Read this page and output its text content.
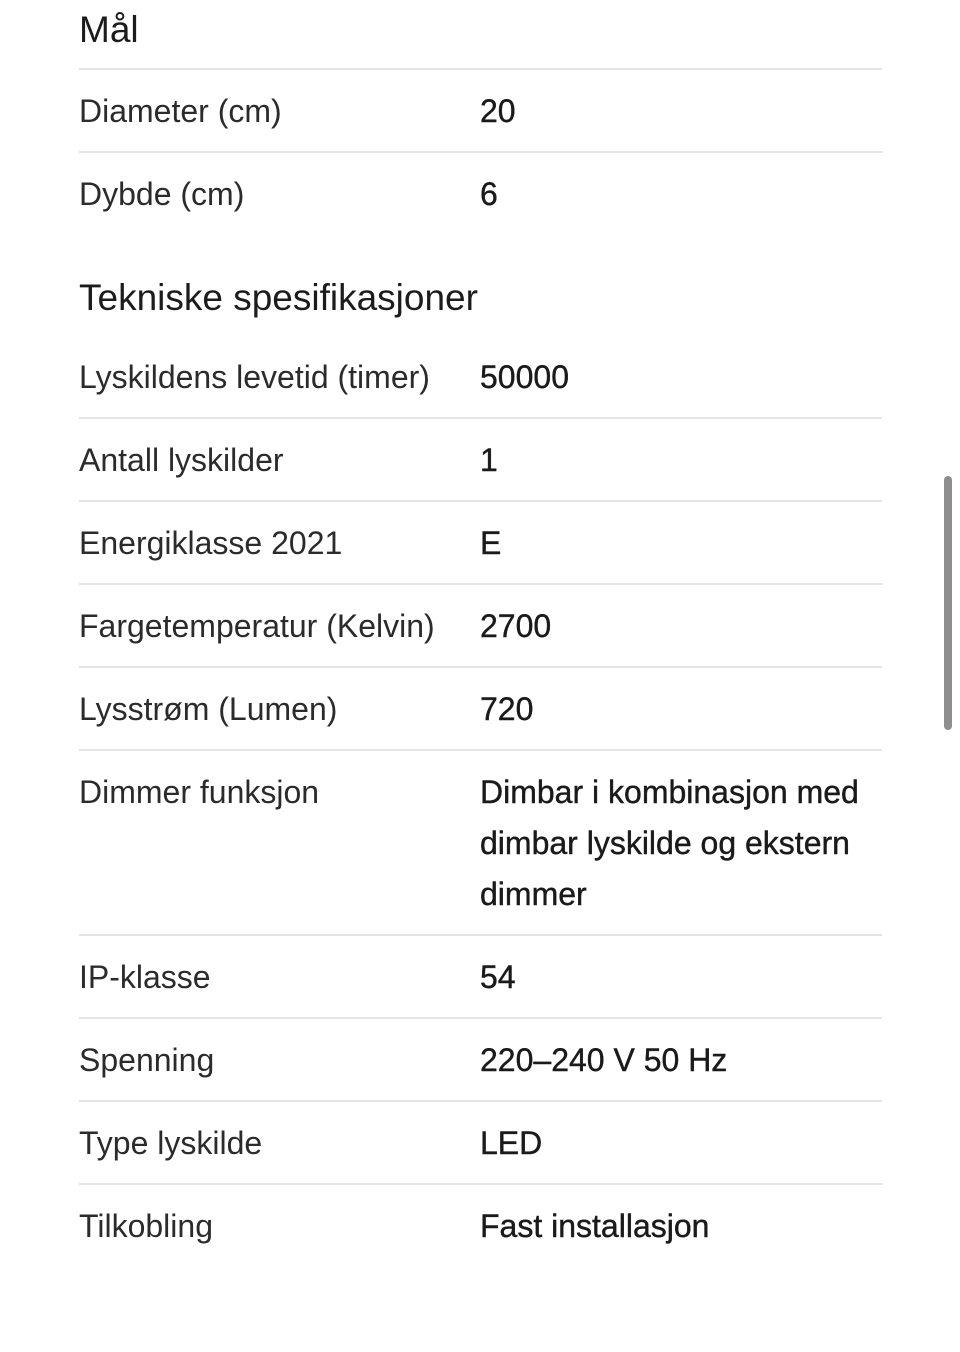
Mål
Diameter (cm)	20
Dybde (cm)	6
Tekniske spesifikasjoner
Lyskildens levetid (timer)	50000
Antall lyskilder	1
Energiklasse 2021	E
Fargetemperatur (Kelvin)	2700
Lysstrøm (Lumen)	720
Dimmer funksjon	Dimbar i kombinasjon med dimbar lyskilde og ekstern dimmer
IP-klasse	54
Spenning	220–240 V 50 Hz
Type lyskilde	LED
Tilkobling	Fast installasjon
